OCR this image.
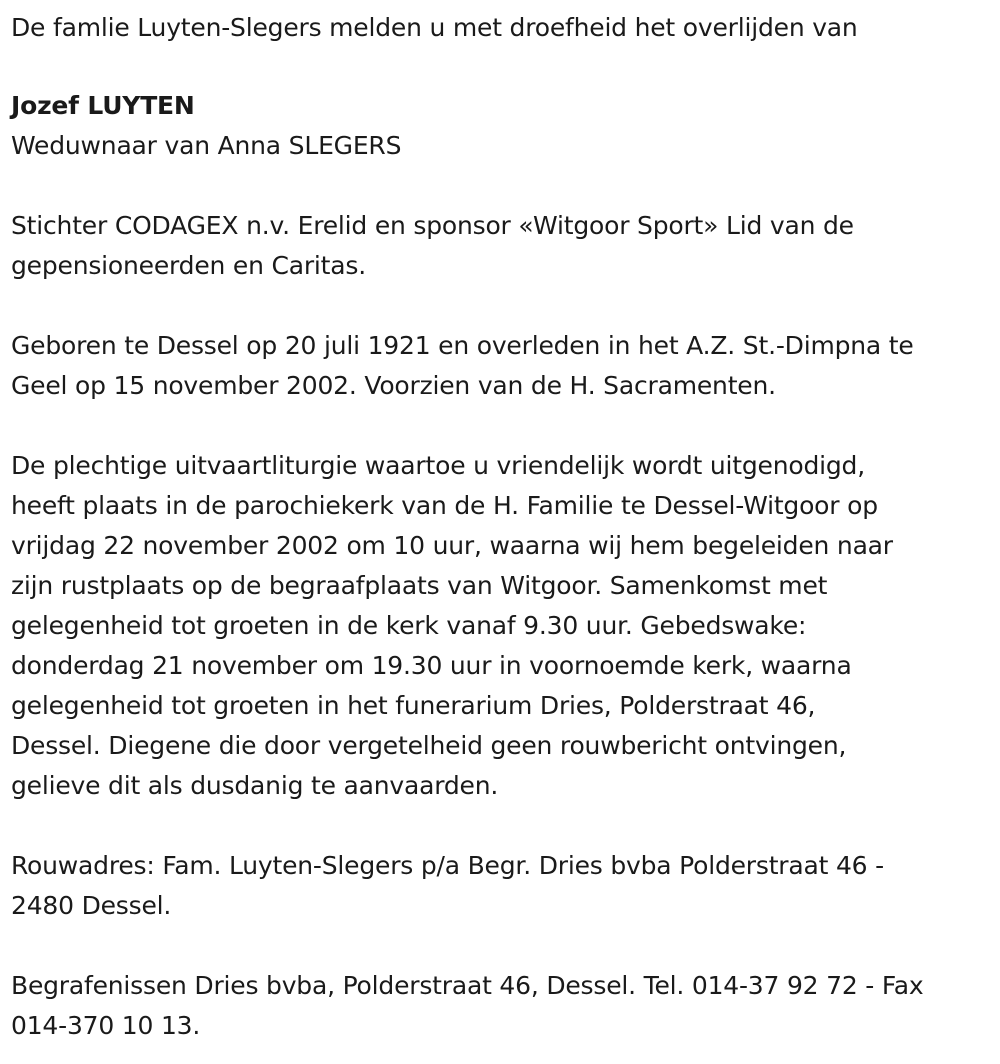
De famlie Luyten-Slegers melden u met droefheid het overlijden van

Jozef LUYTEN

Weduwnaar van Anna SLEGERS

Stichter CODAGEX n.v. Erelid en sponsor «Witgoor Sport» Lid van de
gepensioneerden en Caritas.

Geboren te Dessel op 20 juli 1921 en overleden in het A.Z. St.-Dimpna te
Geel op 15 november 2002. Voorzien van de H. Sacramenten.

De plechtige uitvaartliturgie waartoe u vriendelijk wordt uitgenodigd,
heeft plaats in de parochiekerk van de H. Familie te Dessel-Witgoor op
vrijdag 22 november 2002 om 10 uur, waarna wij hem begeleiden naar
zijn rustplaats op de begraafplaats van Witgoor. Samenkomst met
gelegenheid tot groeten in de kerk vanaf 9.30 uur. Gebedswake:
donderdag 21 november om 19.30 uur in voornoemde kerk, waarna
gelegenheid tot groeten in het funerarium Dries, Polderstraat 46,
Dessel. Diegene die door vergetelheid geen rouwbericht ontvingen,
gelieve dit als dusdanig te aanvaarden.

Rouwadres: Fam. Luyten-Slegers p/a Begr. Dries bvba Polderstraat 46 -
2480 Dessel.

Begrafenissen Dries bvba, Polderstraat 46, Dessel. Tel. 014-37 92 72 - Fax
014-370 10 13.
